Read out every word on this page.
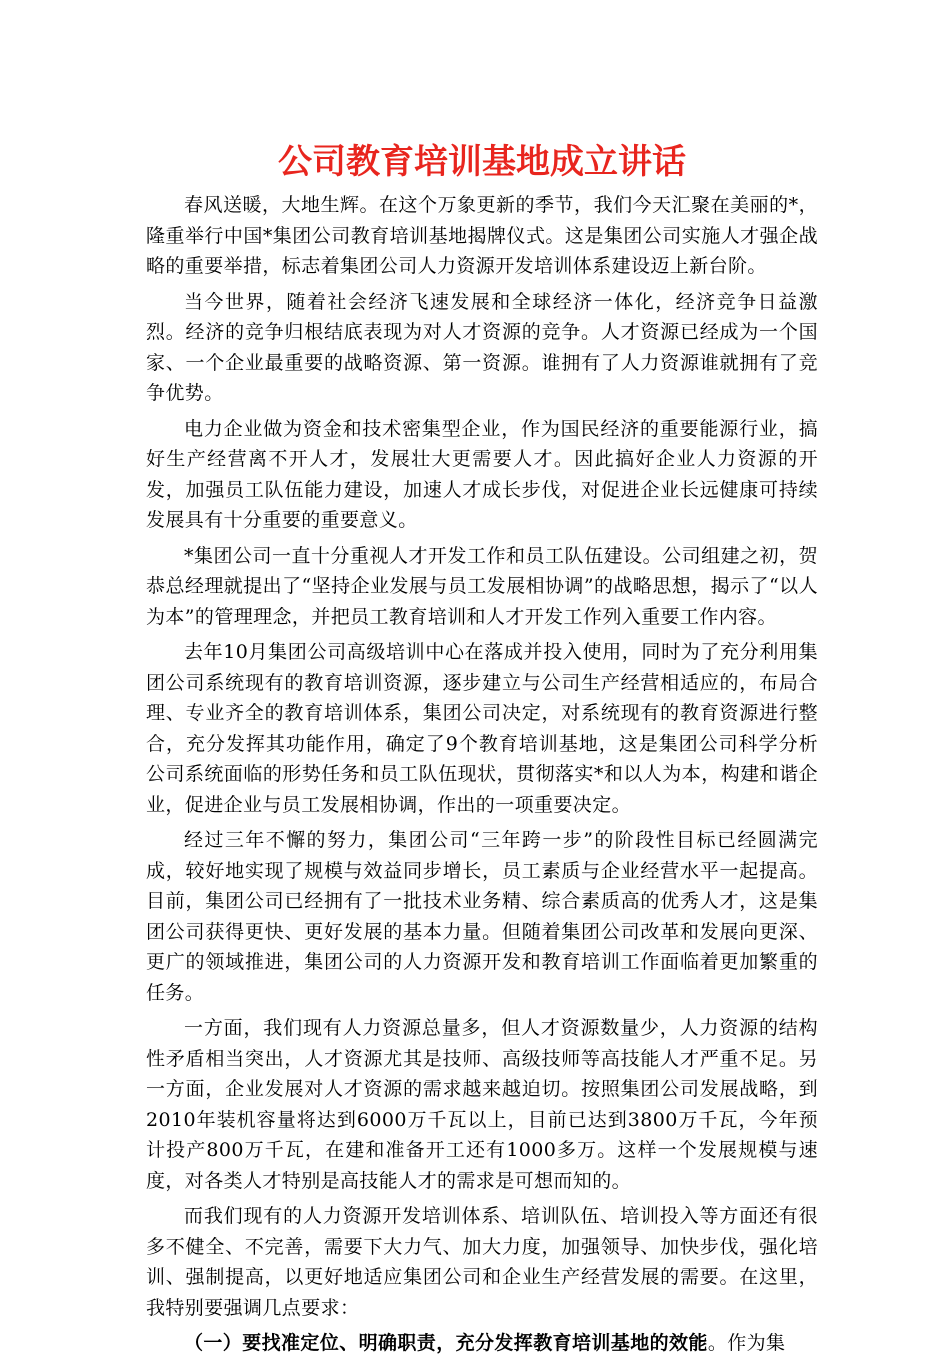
公司教育培训基地成立讲话

春风送暖，大地生辉。在这个万象更新的季节，我们今天汇聚在美丽的*，隆重举行中国*集团公司教育培训基地揭牌仪式。这是集团公司实施人才强企战略的重要举措，标志着集团公司人力资源开发培训体系建设迈上新台阶。

当今世界，随着社会经济飞速发展和全球经济一体化，经济竞争日益激烈。经济的竞争归根结底表现为对人才资源的竞争。人才资源已经成为一个国家、一个企业最重要的战略资源、第一资源。谁拥有了人力资源谁就拥有了竞争优势。

电力企业做为资金和技术密集型企业，作为国民经济的重要能源行业，搞好生产经营离不开人才，发展壮大更需要人才。因此搞好企业人力资源的开发，加强员工队伍能力建设，加速人才成长步伐，对促进企业长远健康可持续发展具有十分重要的重要意义。

*集团公司一直十分重视人才开发工作和员工队伍建设。公司组建之初，贺恭总经理就提出了“坚持企业发展与员工发展相协调”的战略思想，揭示了“以人为本”的管理理念，并把员工教育培训和人才开发工作列入重要工作内容。

去年10月集团公司高级培训中心在落成并投入使用，同时为了充分利用集团公司系统现有的教育培训资源，逐步建立与公司生产经营相适应的，布局合理、专业齐全的教育培训体系，集团公司决定，对系统现有的教育资源进行整合，充分发挥其功能作用，确定了9个教育培训基地，这是集团公司科学分析公司系统面临的形势任务和员工队伍现状，贯彻落实*和以人为本，构建和谐企业，促进企业与员工发展相协调，作出的一项重要决定。

经过三年不懈的努力，集团公司“三年跨一步”的阶段性目标已经圆满完成，较好地实现了规模与效益同步增长，员工素质与企业经营水平一起提高。目前，集团公司已经拥有了一批技术业务精、综合素质高的优秀人才，这是集团公司获得更快、更好发展的基本力量。但随着集团公司改革和发展向更深、更广的领域推进，集团公司的人力资源开发和教育培训工作面临着更加繁重的任务。

一方面，我们现有人力资源总量多，但人才资源数量少，人力资源的结构性矛盾相当突出，人才资源尤其是技师、高级技师等高技能人才严重不足。另一方面，企业发展对人才资源的需求越来越迫切。按照集团公司发展战略，到2010年装机容量将达到6000万千瓦以上，目前已达到3800万千瓦，今年预计投产800万千瓦，在建和准备开工还有1000多万。这样一个发展规模与速度，对各类人才特别是高技能人才的需求是可想而知的。

而我们现有的人力资源开发培训体系、培训队伍、培训投入等方面还有很多不健全、不完善，需要下大力气、加大力度，加强领导、加快步伐，强化培训、强制提高，以更好地适应集团公司和企业生产经营发展的需要。在这里，我特别要强调几点要求：

（一）要找准定位、明确职责，充分发挥教育培训基地的效能。作为集
